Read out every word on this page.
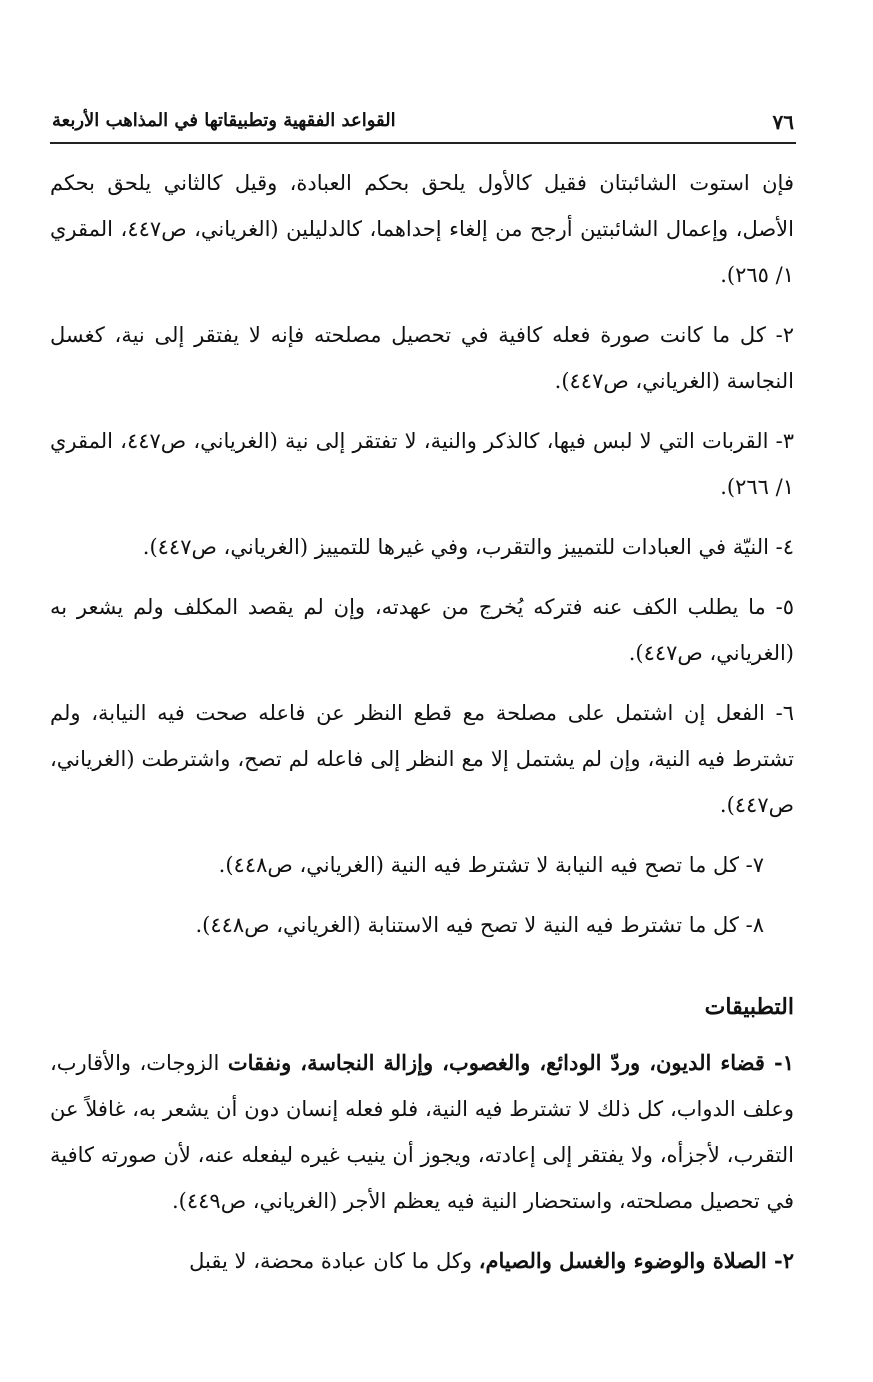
٧٦
القواعد الفقهية وتطبيقاتها في المذاهب الأربعة

فإن استوت الشائبتان فقيل كالأول يلحق بحكم العبادة، وقيل كالثاني يلحق بحكم الأصل، وإعمال الشائبتين أرجح من إلغاء إحداهما، كالدليلين (الغرياني، ص٤٤٧، المقري ١/ ٢٦٥).

٢- كل ما كانت صورة فعله كافية في تحصيل مصلحته فإنه لا يفتقر إلى نية، كغسل النجاسة (الغرياني، ص٤٤٧).

٣- القربات التي لا لبس فيها، كالذكر والنية، لا تفتقر إلى نية (الغرياني، ص٤٤٧، المقري ١/ ٢٦٦).

٤- النيّة في العبادات للتمييز والتقرب، وفي غيرها للتمييز (الغرياني، ص٤٤٧).

٥- ما يطلب الكف عنه فتركه يُخرج من عهدته، وإن لم يقصد المكلف ولم يشعر به (الغرياني، ص٤٤٧).

٦- الفعل إن اشتمل على مصلحة مع قطع النظر عن فاعله صحت فيه النيابة، ولم تشترط فيه النية، وإن لم يشتمل إلا مع النظر إلى فاعله لم تصح، واشترطت (الغرياني، ص٤٤٧).

٧- كل ما تصح فيه النيابة لا تشترط فيه النية (الغرياني، ص٤٤٨).

٨- كل ما تشترط فيه النية لا تصح فيه الاستنابة (الغرياني، ص٤٤٨).

التطبيقات

١- قضاء الديون، وردّ الودائع، والغصوب، وإزالة النجاسة، ونفقات الزوجات، والأقارب، وعلف الدواب، كل ذلك لا تشترط فيه النية، فلو فعله إنسان دون أن يشعر به، غافلاً عن التقرب، لأجزأه، ولا يفتقر إلى إعادته، ويجوز أن ينيب غيره ليفعله عنه، لأن صورته كافية في تحصيل مصلحته، واستحضار النية فيه يعظم الأجر (الغرياني، ص٤٤٩).

٢- الصلاة والوضوء والغسل والصيام، وكل ما كان عبادة محضة، لا يقبل
